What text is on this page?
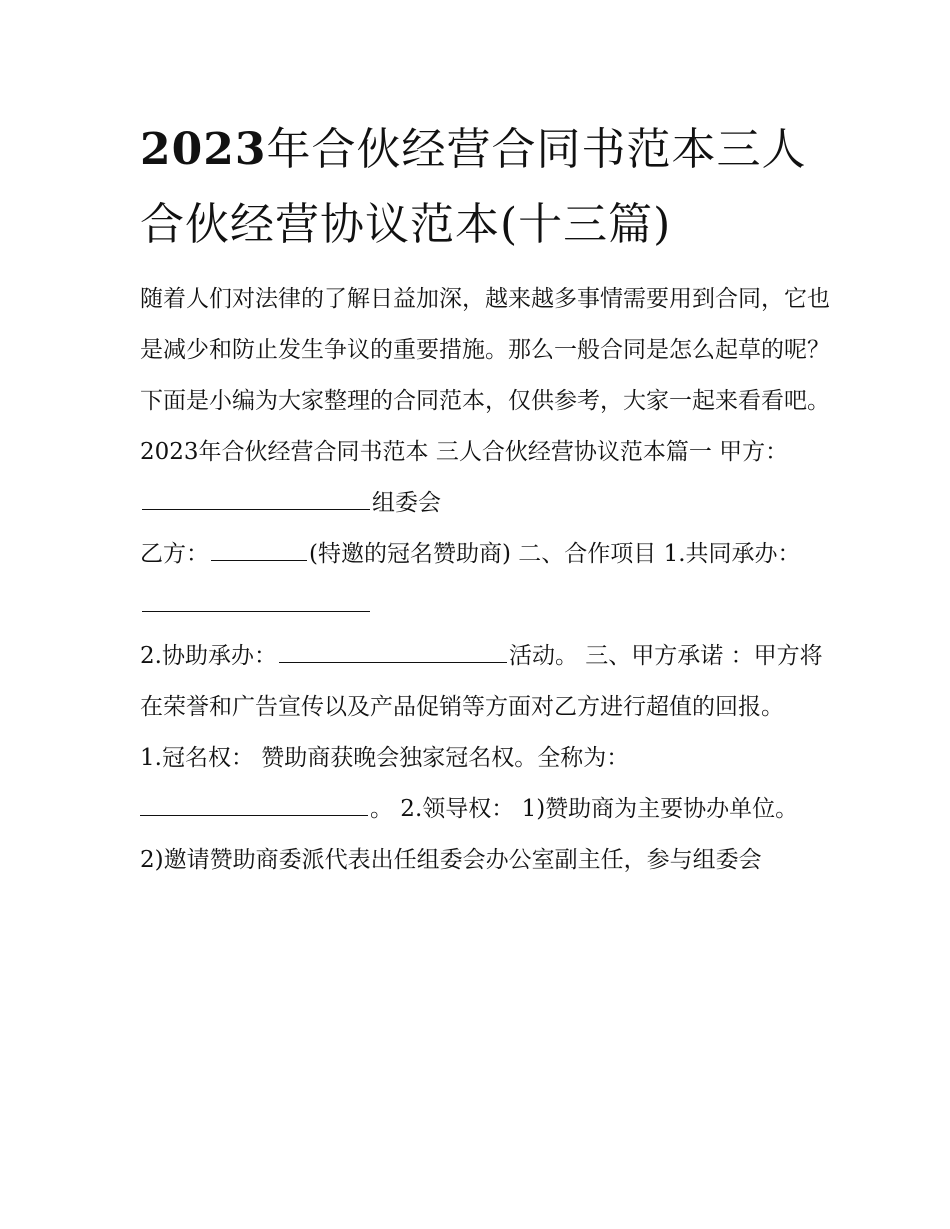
2023年合伙经营合同书范本三人合伙经营协议范本(十三篇)

随着人们对法律的了解日益加深，越来越多事情需要用到合同，它也是减少和防止发生争议的重要措施。那么一般合同是怎么起草的呢？下面是小编为大家整理的合同范本，仅供参考，大家一起来看看吧。

2023年合伙经营合同书范本 三人合伙经营协议范本篇一 甲方：组委会

乙方：	(特邀的冠名赞助商) 二、合作项目 1.共同承办：

2.协助承办：	活动。 三、甲方承诺 ：甲方将在荣誉和广告宣传以及产品促销等方面对乙方进行超值的回报。

1.冠名权： 赞助商获晚会独家冠名权。全称为：

。 2.领导权： 1)赞助商为主要协办单位。

2)邀请赞助商委派代表出任组委会办公室副主任，参与组委会
